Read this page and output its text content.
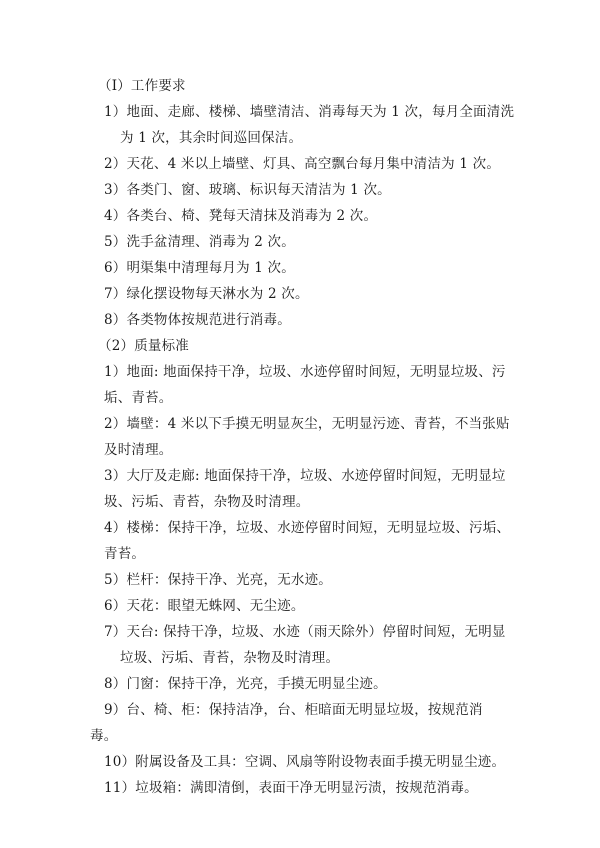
（I）工作要求
1）地面、走廊、楼梯、墙壁清洁、消毒每天为 1 次，每月全面清洗
为 1 次，其余时间巡回保洁。
2）天花、4 米以上墙壁、灯具、高空飘台每月集中清洁为 1 次。
3）各类门、窗、玻璃、标识每天清洁为 1 次。
4）各类台、椅、凳每天清抹及消毒为 2 次。
5）洗手盆清理、消毒为 2 次。
6）明渠集中清理每月为 1 次。
7）绿化摆设物每天淋水为 2 次。
8）各类物体按规范进行消毒。
（2）质量标准
1）地面: 地面保持干净，垃圾、水迹停留时间短，无明显垃圾、污
垢、青苔。
2）墙壁：4 米以下手摸无明显灰尘，无明显污迹、青苔，不当张贴
及时清理。
3）大厅及走廊: 地面保持干净，垃圾、水迹停留时间短，无明显垃
圾、污垢、青苔，杂物及时清理。
4）楼梯：保持干净，垃圾、水迹停留时间短，无明显垃圾、污垢、
青苔。
5）栏杆：保持干净、光亮，无水迹。
6）天花：眼望无蛛网、无尘迹。
7）天台: 保持干净，垃圾、水迹（雨天除外）停留时间短，无明显
垃圾、污垢、青苔，杂物及时清理。
8）门窗：保持干净，光亮，手摸无明显尘迹。
9）台、椅、柜：保持洁净，台、柜暗面无明显垃圾，按规范消
毒。
10）附属设备及工具：空调、风扇等附设物表面手摸无明显尘迹。
11）垃圾箱：满即清倒，表面干净无明显污渍，按规范消毒。
